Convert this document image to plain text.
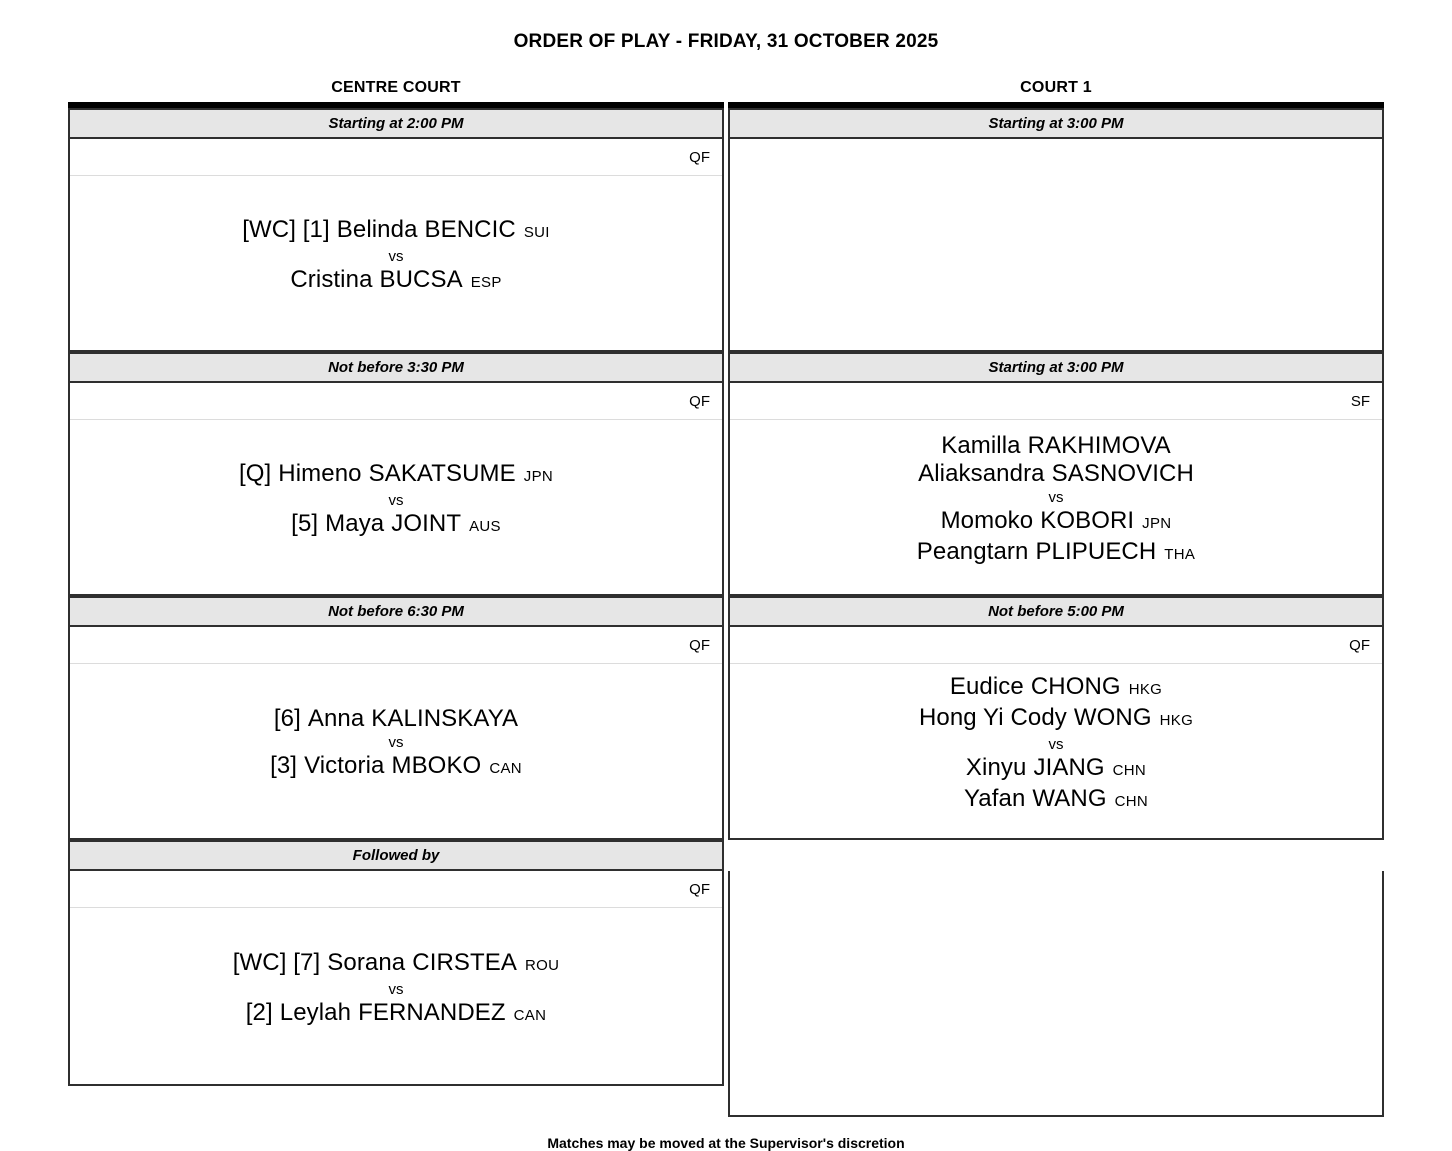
ORDER OF PLAY - FRIDAY, 31 OCTOBER 2025
CENTRE COURT	COURT 1
Starting at 2:00 PM
QF
[WC] [1] Belinda BENCIC SUI
vs
Cristina BUCSA ESP
Not before 3:30 PM
QF
[Q] Himeno SAKATSUME JPN
vs
[5] Maya JOINT AUS
Not before 6:30 PM
QF
[6] Anna KALINSKAYA
vs
[3] Victoria MBOKO CAN
Followed by
QF
[WC] [7] Sorana CIRSTEA ROU
vs
[2] Leylah FERNANDEZ CAN
Starting at 3:00 PM
Starting at 3:00 PM
SF
Kamilla RAKHIMOVA
Aliaksandra SASNOVICH
vs
Momoko KOBORI JPN
Peangtarn PLIPUECH THA
Not before 5:00 PM
QF
Eudice CHONG HKG
Hong Yi Cody WONG HKG
vs
Xinyu JIANG CHN
Yafan WANG CHN
Matches may be moved at the Supervisor's discretion
